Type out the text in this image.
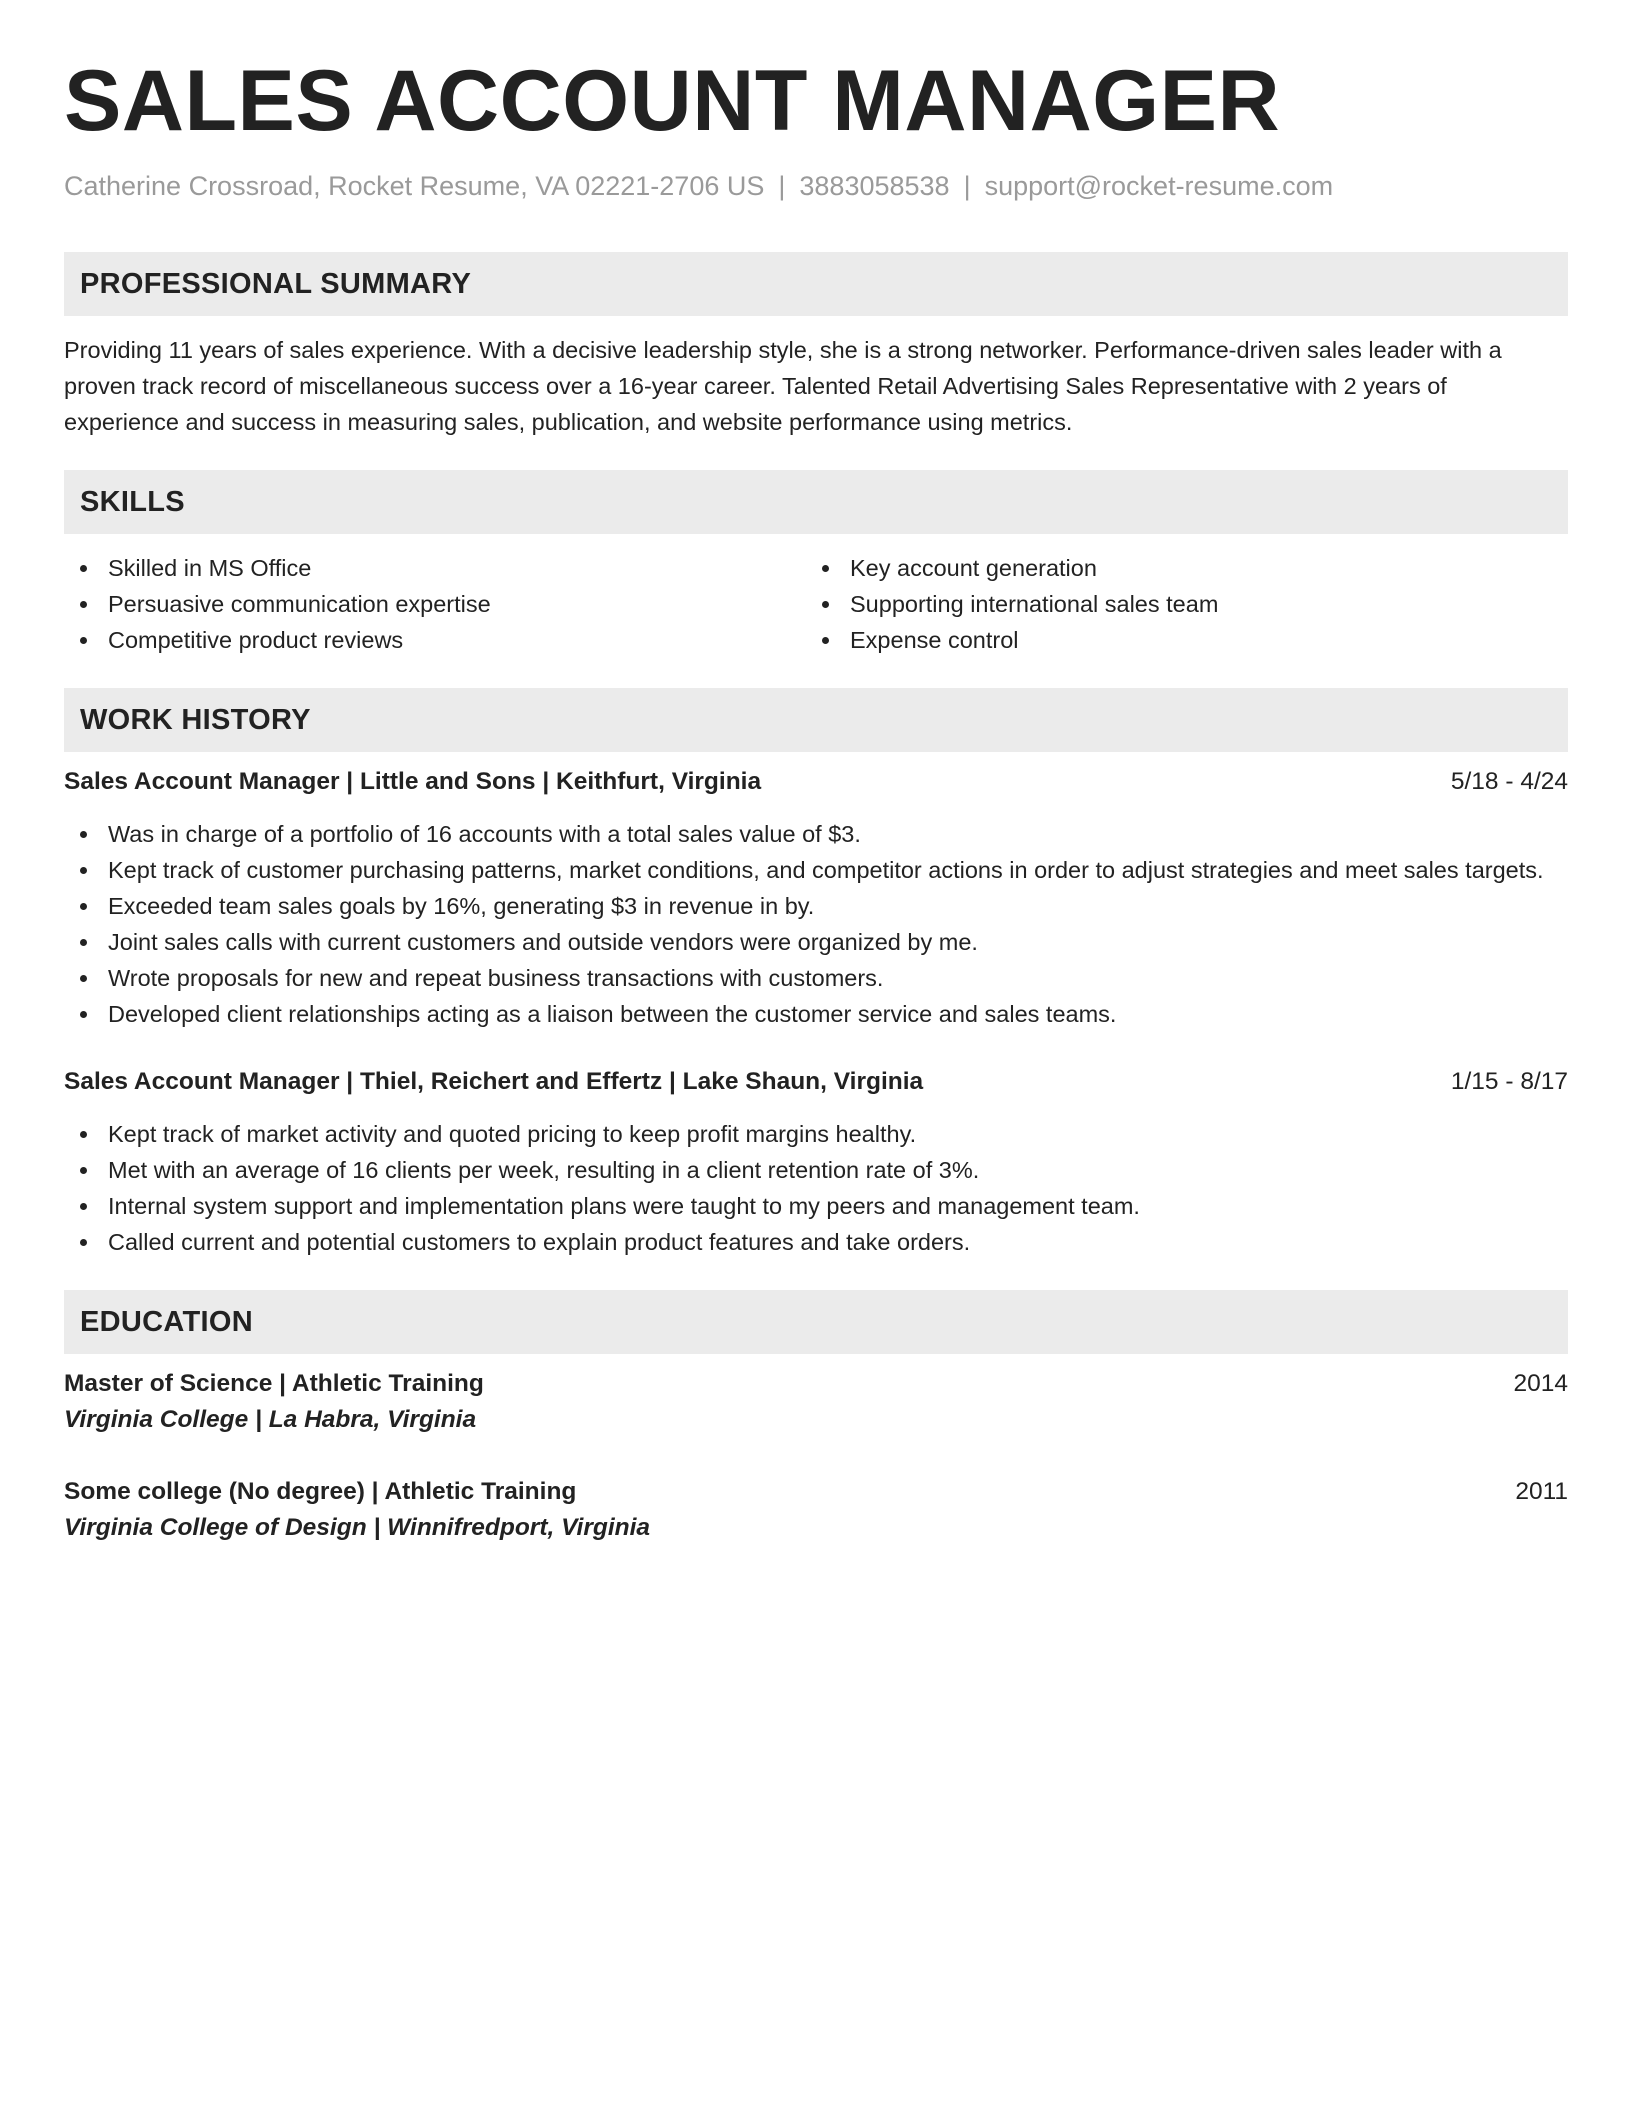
SALES ACCOUNT MANAGER
Catherine Crossroad, Rocket Resume, VA 02221-2706 US | 3883058538 | support@rocket-resume.com
PROFESSIONAL SUMMARY
Providing 11 years of sales experience. With a decisive leadership style, she is a strong networker. Performance-driven sales leader with a proven track record of miscellaneous success over a 16-year career. Talented Retail Advertising Sales Representative with 2 years of experience and success in measuring sales, publication, and website performance using metrics.
SKILLS
Skilled in MS Office
Persuasive communication expertise
Competitive product reviews
Key account generation
Supporting international sales team
Expense control
WORK HISTORY
Sales Account Manager | Little and Sons | Keithfurt, Virginia	5/18 - 4/24
Was in charge of a portfolio of 16 accounts with a total sales value of $3.
Kept track of customer purchasing patterns, market conditions, and competitor actions in order to adjust strategies and meet sales targets.
Exceeded team sales goals by 16%, generating $3 in revenue in by.
Joint sales calls with current customers and outside vendors were organized by me.
Wrote proposals for new and repeat business transactions with customers.
Developed client relationships acting as a liaison between the customer service and sales teams.
Sales Account Manager | Thiel, Reichert and Effertz | Lake Shaun, Virginia	1/15 - 8/17
Kept track of market activity and quoted pricing to keep profit margins healthy.
Met with an average of 16 clients per week, resulting in a client retention rate of 3%.
Internal system support and implementation plans were taught to my peers and management team.
Called current and potential customers to explain product features and take orders.
EDUCATION
Master of Science | Athletic Training	2014
Virginia College | La Habra, Virginia
Some college (No degree) | Athletic Training	2011
Virginia College of Design | Winnifredport, Virginia
